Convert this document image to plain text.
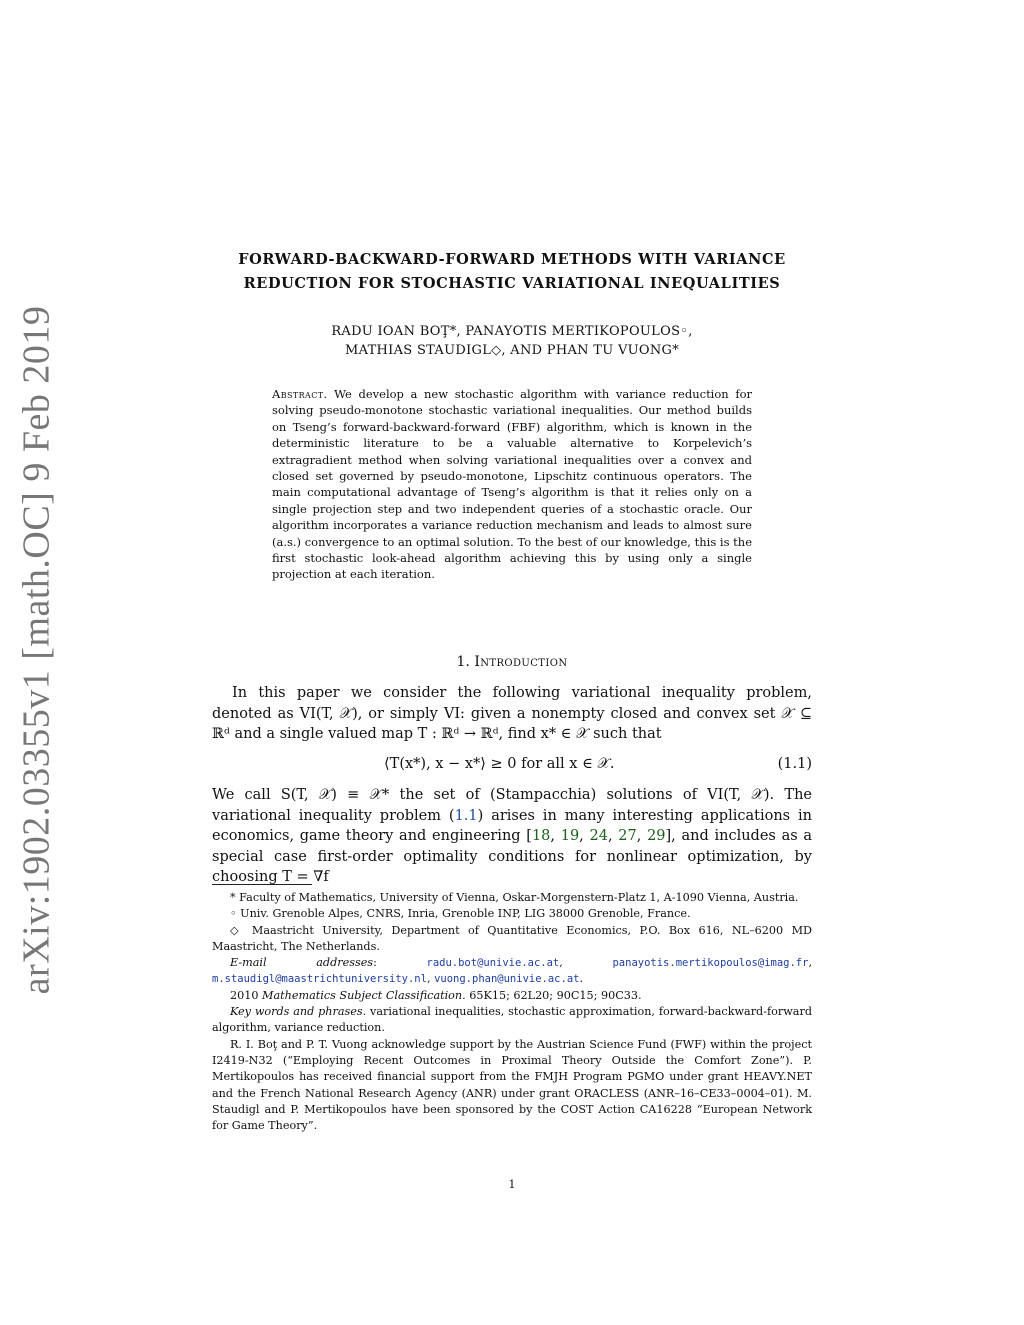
arXiv:1902.03355v1 [math.OC] 9 Feb 2019
FORWARD-BACKWARD-FORWARD METHODS WITH VARIANCE
REDUCTION FOR STOCHASTIC VARIATIONAL INEQUALITIES
RADU IOAN BOŢ*, PANAYOTIS MERTIKOPOULOS◦,
MATHIAS STAUDIGL◇, AND PHAN TU VUONG*
Abstract. We develop a new stochastic algorithm with variance reduction for solving pseudo-monotone stochastic variational inequalities. Our method builds on Tseng’s forward-backward-forward (FBF) algorithm, which is known in the deterministic literature to be a valuable alternative to Korpelevich’s extragradient method when solving variational inequalities over a convex and closed set governed by pseudo-monotone, Lipschitz continuous operators. The main computational advantage of Tseng’s algorithm is that it relies only on a single projection step and two independent queries of a stochastic oracle. Our algorithm incorporates a variance reduction mechanism and leads to almost sure (a.s.) convergence to an optimal solution. To the best of our knowledge, this is the first stochastic look-ahead algorithm achieving this by using only a single projection at each iteration.
1. Introduction
In this paper we consider the following variational inequality problem, denoted as VI(T, 𝒳), or simply VI: given a nonempty closed and convex set 𝒳 ⊆ ℝᵈ and a single valued map T : ℝᵈ → ℝᵈ, find x* ∈ 𝒳 such that
⟨T(x*), x − x*⟩ ≥ 0 for all x ∈ 𝒳.	(1.1)
We call S(T, 𝒳) ≡ 𝒳* the set of (Stampacchia) solutions of VI(T, 𝒳). The variational inequality problem (1.1) arises in many interesting applications in economics, game theory and engineering [18, 19, 24, 27, 29], and includes as a special case first-order optimality conditions for nonlinear optimization, by choosing T = ∇f

* Faculty of Mathematics, University of Vienna, Oskar-Morgenstern-Platz 1, A-1090 Vienna, Austria.

◦ Univ. Grenoble Alpes, CNRS, Inria, Grenoble INP, LIG 38000 Grenoble, France.

◇ Maastricht University, Department of Quantitative Economics, P.O. Box 616, NL–6200 MD Maastricht, The Netherlands.

E-mail addresses: radu.bot@univie.ac.at, panayotis.mertikopoulos@imag.fr, m.staudigl@maastrichtuniversity.nl, vuong.phan@univie.ac.at.

2010 Mathematics Subject Classification. 65K15; 62L20; 90C15; 90C33.

Key words and phrases. variational inequalities, stochastic approximation, forward-backward-forward algorithm, variance reduction.

R. I. Boţ and P. T. Vuong acknowledge support by the Austrian Science Fund (FWF) within the project I2419-N32 (“Employing Recent Outcomes in Proximal Theory Outside the Comfort Zone”). P. Mertikopoulos has received financial support from the FMJH Program PGMO under grant HEAVY.NET and the French National Research Agency (ANR) under grant ORACLESS (ANR–16–CE33–0004–01). M. Staudigl and P. Mertikopoulos have been sponsored by the COST Action CA16228 “European Network for Game Theory”.

1
